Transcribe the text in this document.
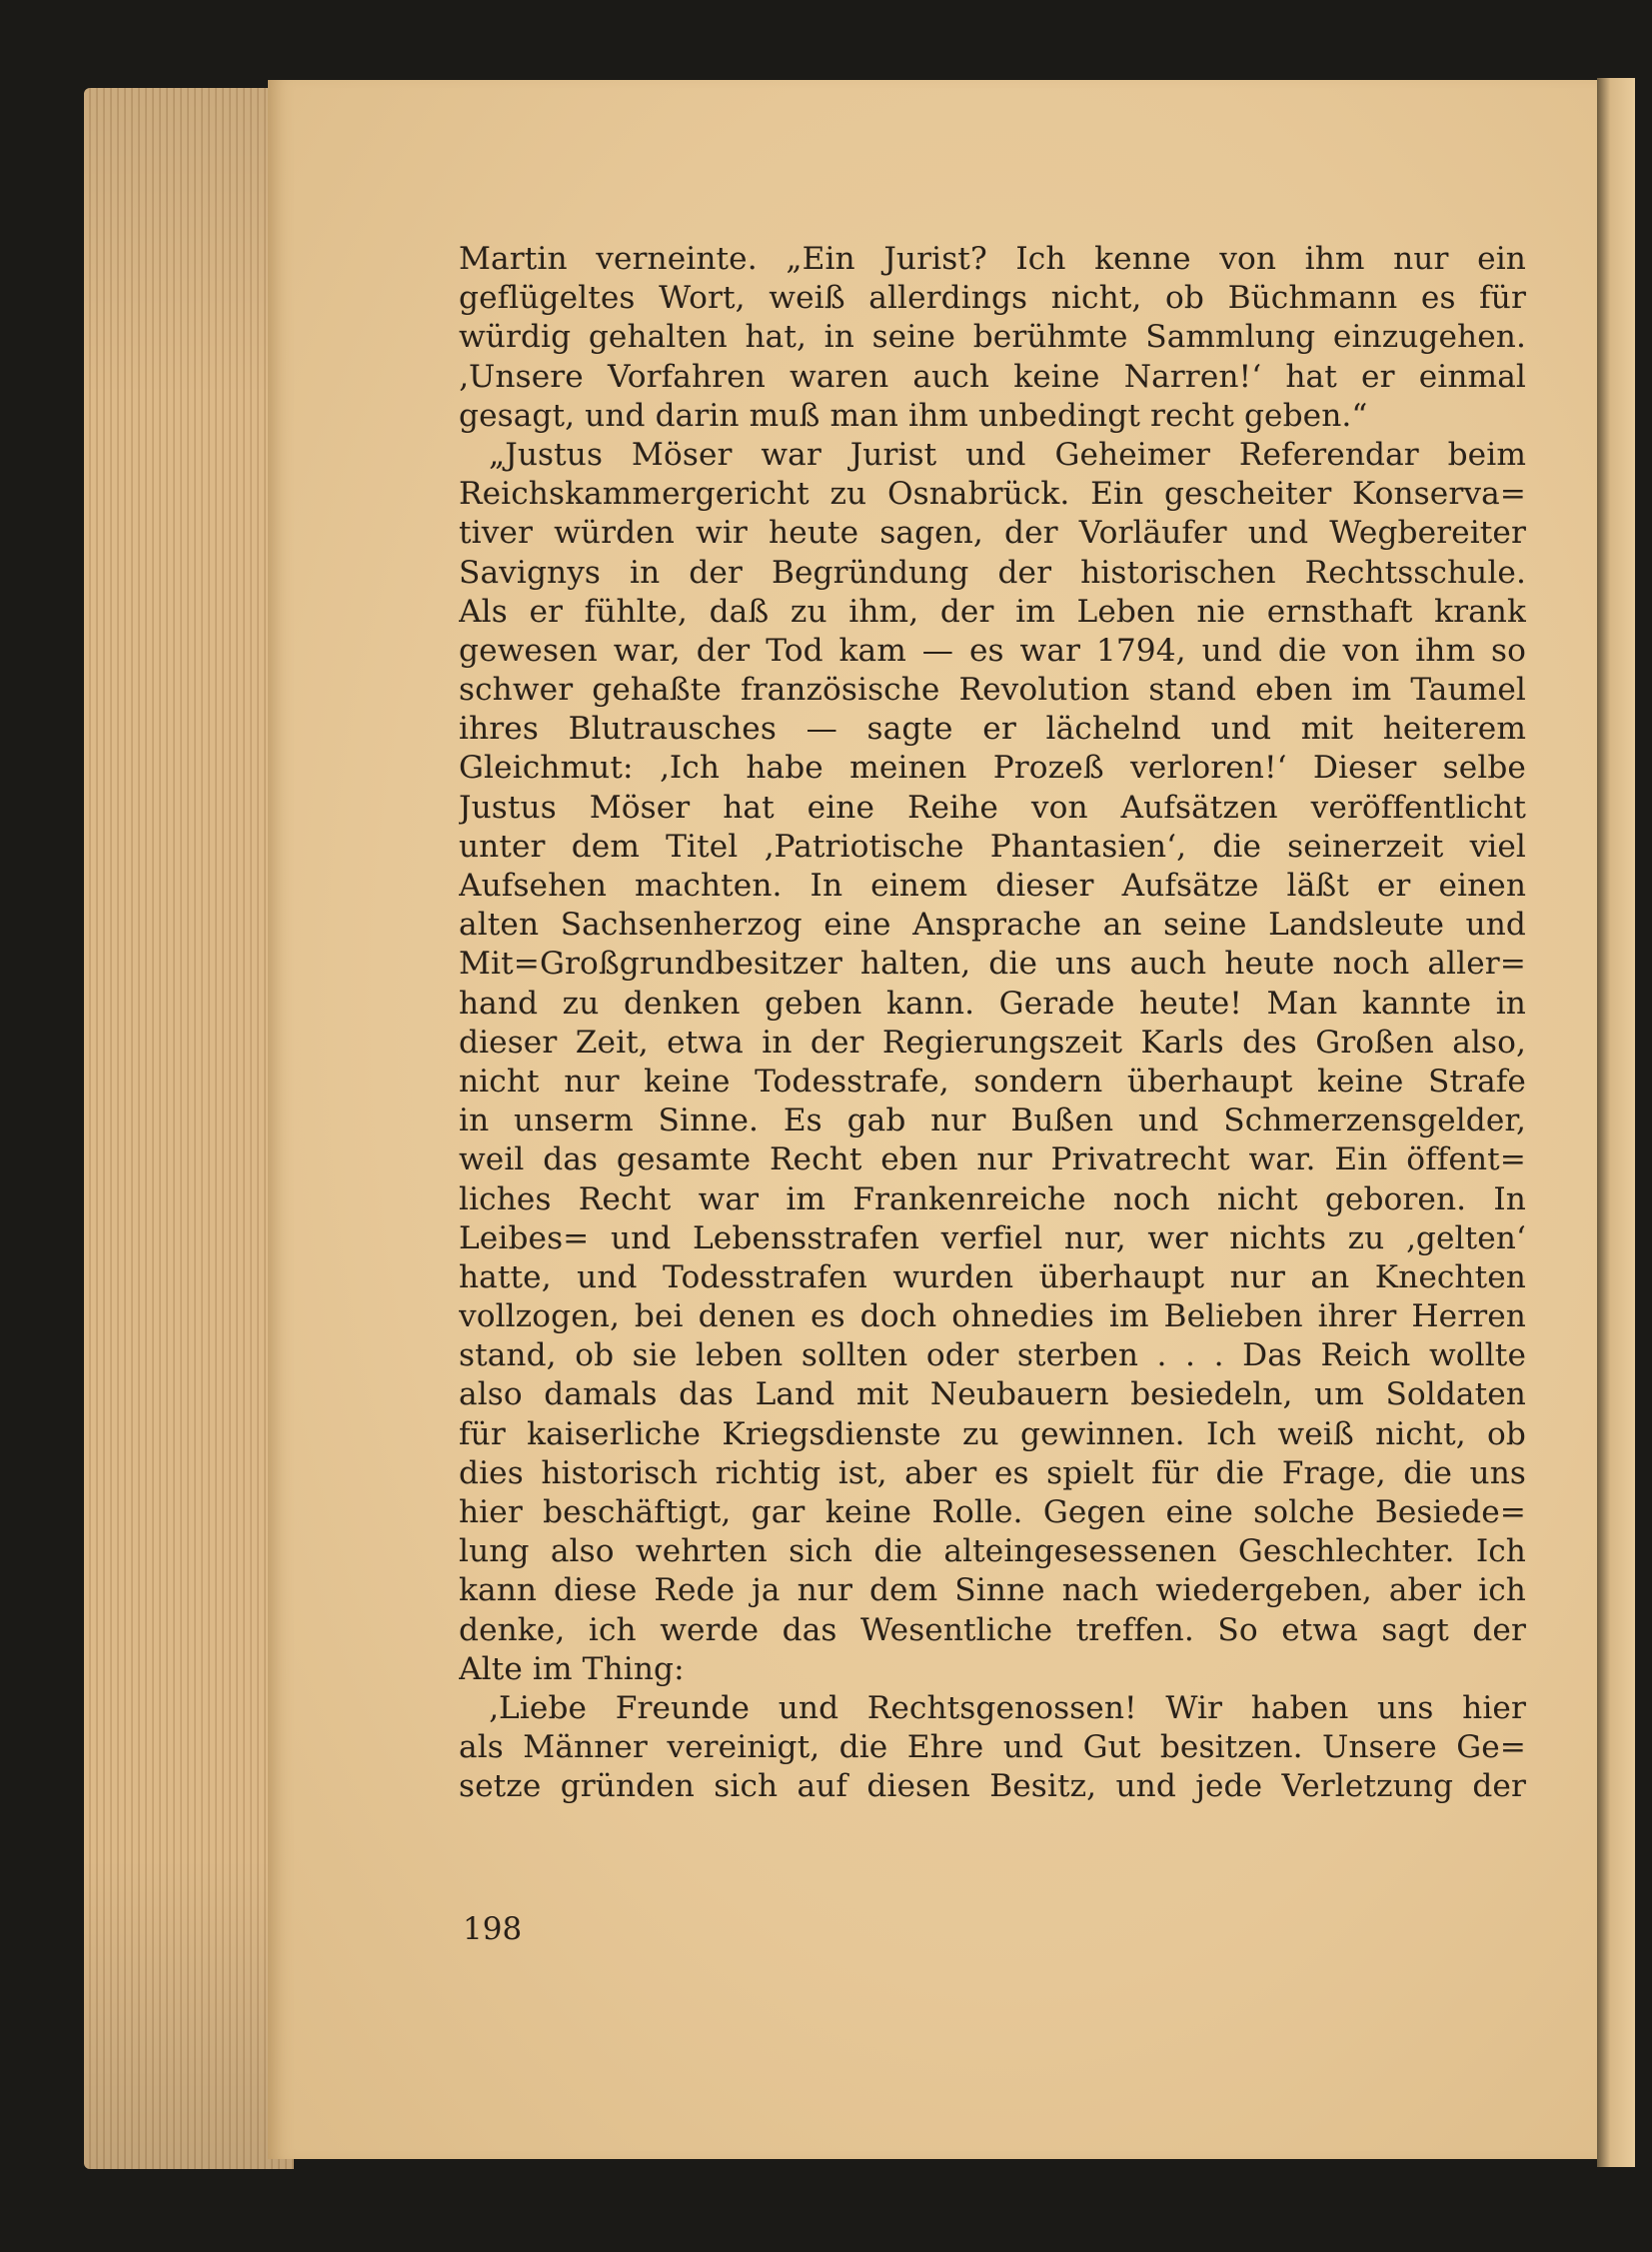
Martin verneinte. „Ein Jurist? Ich kenne von ihm nur ein
geflügeltes Wort, weiß allerdings nicht, ob Büchmann es für
würdig gehalten hat, in seine berühmte Sammlung einzugehen.
‚Unsere Vorfahren waren auch keine Narren!‘ hat er einmal
gesagt, und darin muß man ihm unbedingt recht geben.“
„Justus Möser war Jurist und Geheimer Referendar beim
Reichskammergericht zu Osnabrück. Ein gescheiter Konserva=
tiver würden wir heute sagen, der Vorläufer und Wegbereiter
Savignys in der Begründung der historischen Rechtsschule.
Als er fühlte, daß zu ihm, der im Leben nie ernsthaft krank
gewesen war, der Tod kam — es war 1794, und die von ihm so
schwer gehaßte französische Revolution stand eben im Taumel
ihres Blutrausches — sagte er lächelnd und mit heiterem
Gleichmut: ‚Ich habe meinen Prozeß verloren!‘ Dieser selbe
Justus Möser hat eine Reihe von Aufsätzen veröffentlicht
unter dem Titel ‚Patriotische Phantasien‘, die seinerzeit viel
Aufsehen machten. In einem dieser Aufsätze läßt er einen
alten Sachsenherzog eine Ansprache an seine Landsleute und
Mit=Großgrundbesitzer halten, die uns auch heute noch aller=
hand zu denken geben kann. Gerade heute! Man kannte in
dieser Zeit, etwa in der Regierungszeit Karls des Großen also,
nicht nur keine Todesstrafe, sondern überhaupt keine Strafe
in unserm Sinne. Es gab nur Bußen und Schmerzensgelder,
weil das gesamte Recht eben nur Privatrecht war. Ein öffent=
liches Recht war im Frankenreiche noch nicht geboren. In
Leibes= und Lebensstrafen verfiel nur, wer nichts zu ‚gelten‘
hatte, und Todesstrafen wurden überhaupt nur an Knechten
vollzogen, bei denen es doch ohnedies im Belieben ihrer Herren
stand, ob sie leben sollten oder sterben . . . Das Reich wollte
also damals das Land mit Neubauern besiedeln, um Soldaten
für kaiserliche Kriegsdienste zu gewinnen. Ich weiß nicht, ob
dies historisch richtig ist, aber es spielt für die Frage, die uns
hier beschäftigt, gar keine Rolle. Gegen eine solche Besiede=
lung also wehrten sich die alteingesessenen Geschlechter. Ich
kann diese Rede ja nur dem Sinne nach wiedergeben, aber ich
denke, ich werde das Wesentliche treffen. So etwa sagt der
Alte im Thing:
‚Liebe Freunde und Rechtsgenossen! Wir haben uns hier
als Männer vereinigt, die Ehre und Gut besitzen. Unsere Ge=
setze gründen sich auf diesen Besitz, und jede Verletzung der
198
